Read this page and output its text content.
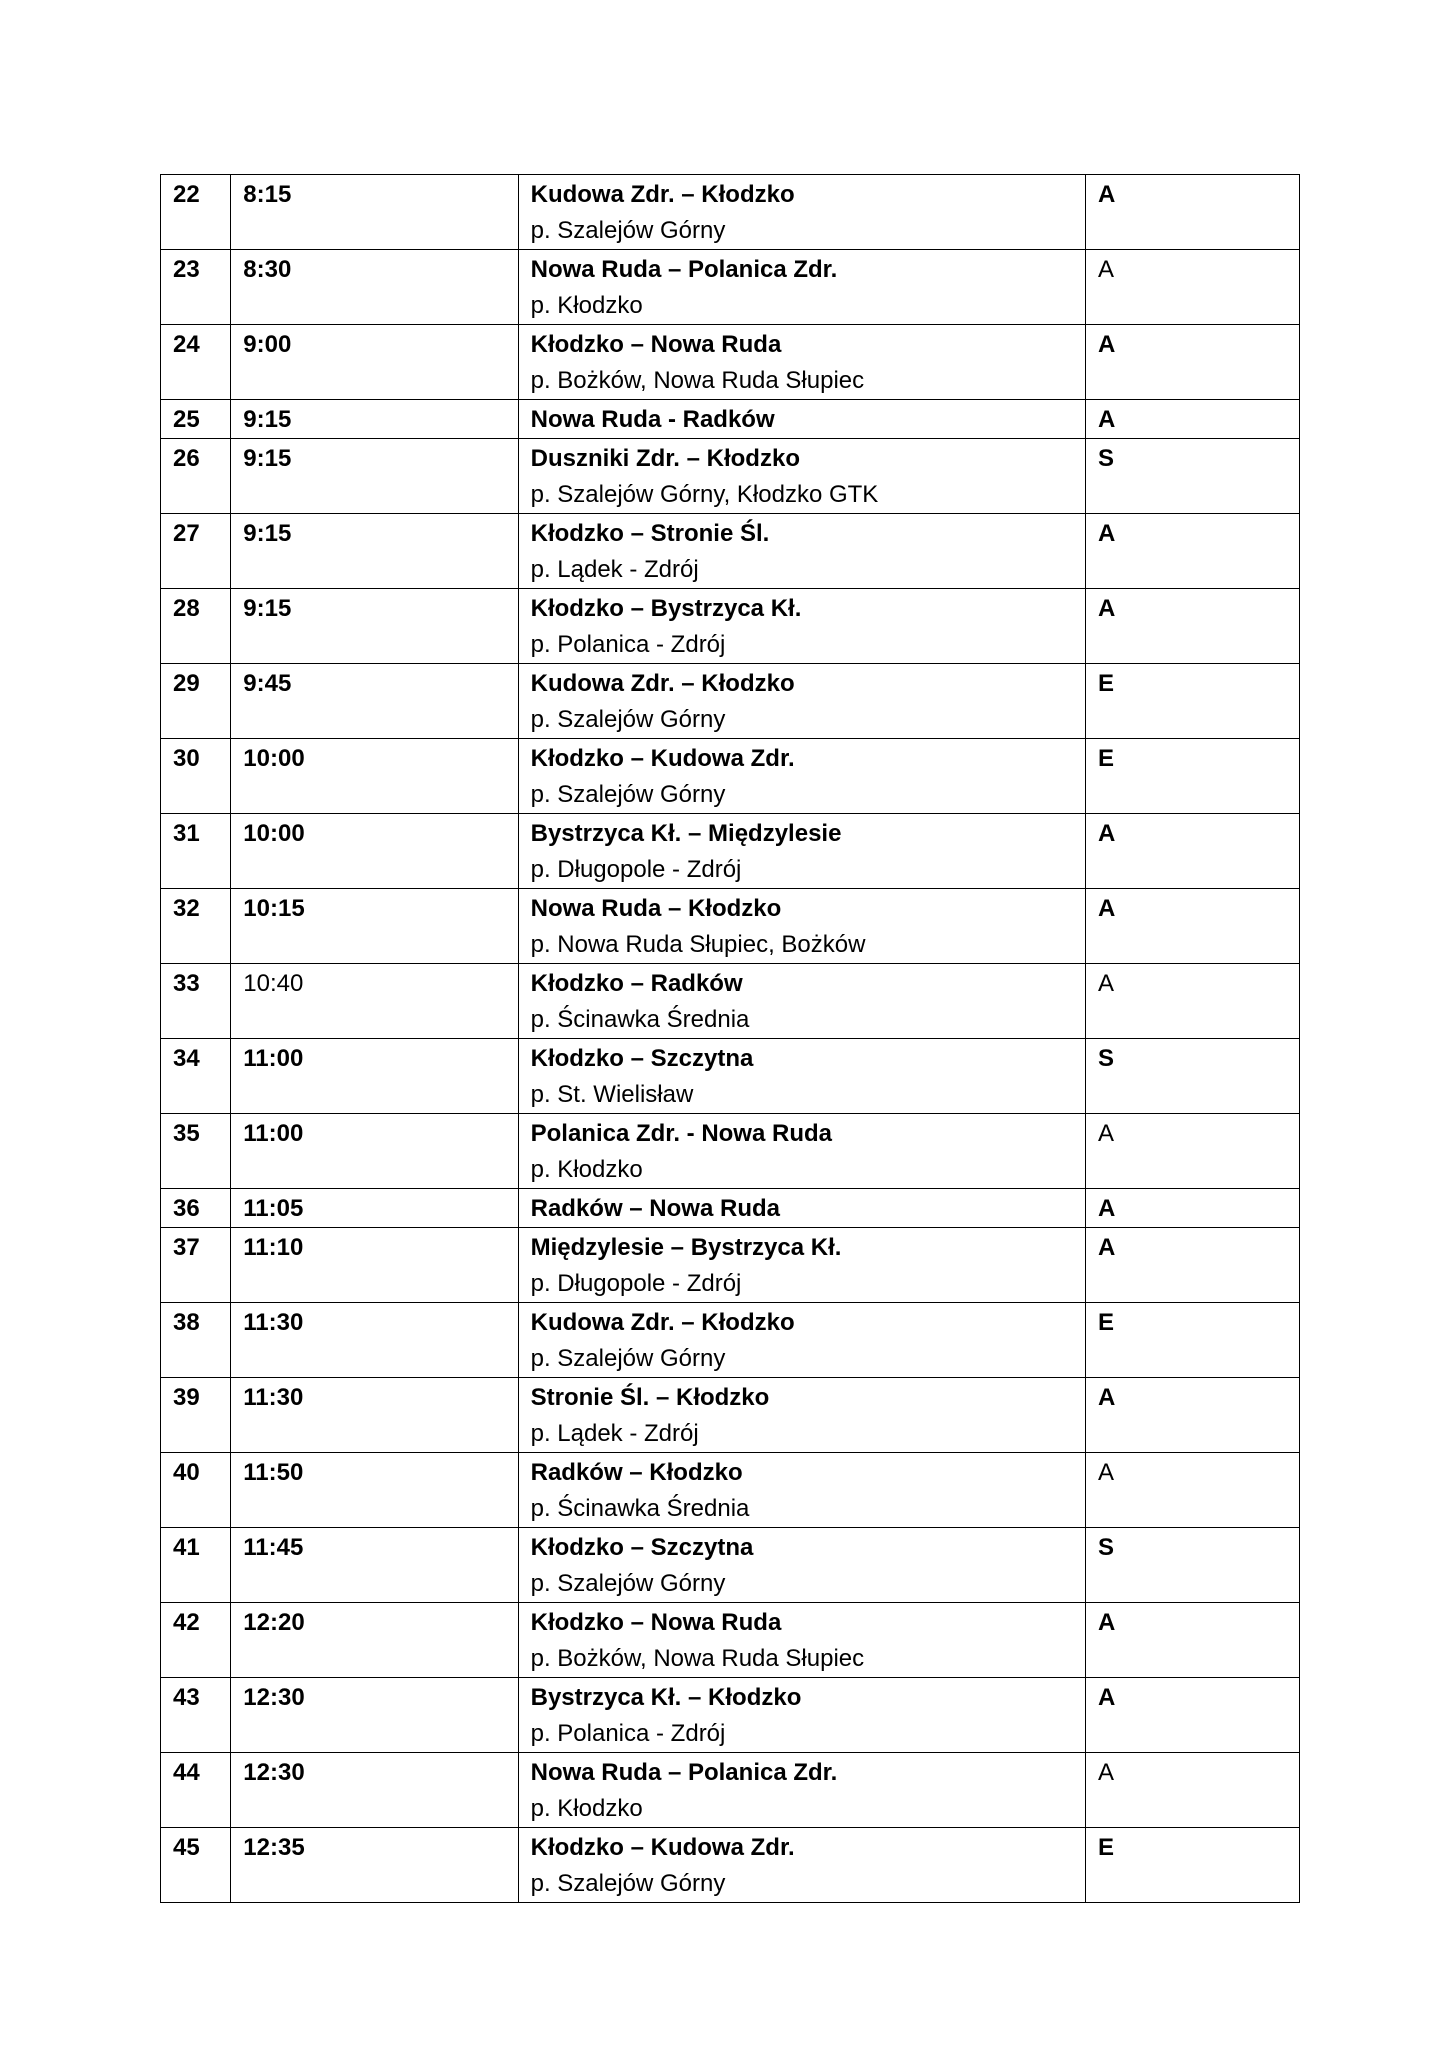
22	8:15	Kudowa Zdr. – Kłodzko
p. Szalejów Górny	A
23	8:30	Nowa Ruda – Polanica Zdr.
p. Kłodzko	A
24	9:00	Kłodzko – Nowa Ruda
p. Bożków, Nowa Ruda Słupiec	A
25	9:15	Nowa Ruda - Radków	A
26	9:15	Duszniki Zdr. – Kłodzko
p. Szalejów Górny, Kłodzko GTK	S
27	9:15	Kłodzko – Stronie Śl.
p. Lądek - Zdrój	A
28	9:15	Kłodzko – Bystrzyca Kł.
p. Polanica - Zdrój	A
29	9:45	Kudowa Zdr. – Kłodzko
p. Szalejów Górny	E
30	10:00	Kłodzko – Kudowa Zdr.
p. Szalejów Górny	E
31	10:00	Bystrzyca Kł. – Międzylesie
p. Długopole - Zdrój	A
32	10:15	Nowa Ruda – Kłodzko
p. Nowa Ruda Słupiec, Bożków	A
33	10:40	Kłodzko – Radków
p. Ścinawka Średnia	A
34	11:00	Kłodzko – Szczytna
p. St. Wielisław	S
35	11:00	Polanica Zdr. - Nowa Ruda
p. Kłodzko	A
36	11:05	Radków – Nowa Ruda	A
37	11:10	Międzylesie – Bystrzyca Kł.
p. Długopole - Zdrój	A
38	11:30	Kudowa Zdr. – Kłodzko
p. Szalejów Górny	E
39	11:30	Stronie Śl. – Kłodzko
p. Lądek - Zdrój	A
40	11:50	Radków – Kłodzko
p. Ścinawka Średnia	A
41	11:45	Kłodzko – Szczytna
p. Szalejów Górny	S
42	12:20	Kłodzko – Nowa Ruda
p. Bożków, Nowa Ruda Słupiec	A
43	12:30	Bystrzyca Kł. – Kłodzko
p. Polanica - Zdrój	A
44	12:30	Nowa Ruda – Polanica Zdr.
p. Kłodzko	A
45	12:35	Kłodzko – Kudowa Zdr.
p. Szalejów Górny	E
